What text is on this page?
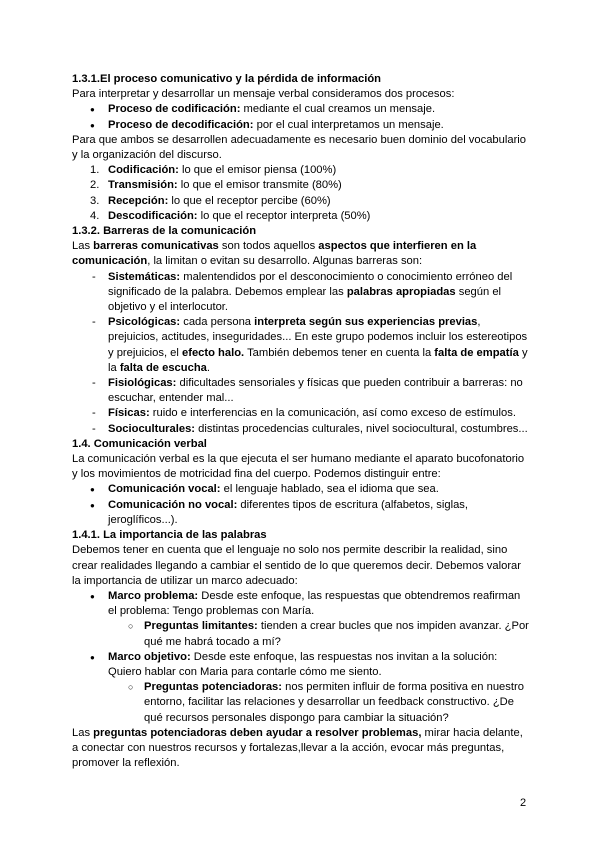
1.3.1.El proceso comunicativo y la pérdida de información

Para interpretar y desarrollar un mensaje verbal consideramos dos procesos:

● Proceso de codificación: mediante el cual creamos un mensaje.
● Proceso de decodificación: por el cual interpretamos un mensaje.

Para que ambos se desarrollen adecuadamente es necesario buen dominio del vocabulario y la organización del discurso.

1. Codificación: lo que el emisor piensa (100%)
2. Transmisión: lo que el emisor transmite (80%)
3. Recepción: lo que el receptor percibe (60%)
4. Descodificación: lo que el receptor interpreta (50%)

1.3.2. Barreras de la comunicación

Las barreras comunicativas son todos aquellos aspectos que interfieren en la comunicación, la limitan o evitan su desarrollo. Algunas barreras son:

- Sistemáticas: malentendidos por el desconocimiento o conocimiento erróneo del significado de la palabra. Debemos emplear las palabras apropiadas según el objetivo y el interlocutor.
- Psicológicas: cada persona interpreta según sus experiencias previas, prejuicios, actitudes, inseguridades... En este grupo podemos incluir los estereotipos y prejuicios, el efecto halo. También debemos tener en cuenta la falta de empatía y la falta de escucha.
- Fisiológicas: dificultades sensoriales y físicas que pueden contribuir a barreras: no escuchar, entender mal...
- Físicas: ruido e interferencias en la comunicación, así como exceso de estímulos.
- Socioculturales: distintas procedencias culturales, nivel sociocultural, costumbres...

1.4. Comunicación verbal

La comunicación verbal es la que ejecuta el ser humano mediante el aparato bucofonatorio y los movimientos de motricidad fina del cuerpo. Podemos distinguir entre:

● Comunicación vocal: el lenguaje hablado, sea el idioma que sea.
● Comunicación no vocal: diferentes tipos de escritura (alfabetos, siglas, jeroglíficos...).

1.4.1. La importancia de las palabras

Debemos tener en cuenta que el lenguaje no solo nos permite describir la realidad, sino crear realidades llegando a cambiar el sentido de lo que queremos decir. Debemos valorar la importancia de utilizar un marco adecuado:

● Marco problema: Desde este enfoque, las respuestas que obtendremos reafirman el problema: Tengo problemas con María.
○ Preguntas limitantes: tienden a crear bucles que nos impiden avanzar. ¿Por qué me habrá tocado a mí?
● Marco objetivo: Desde este enfoque, las respuestas nos invitan a la solución: Quiero hablar con Maria para contarle cómo me siento.
○ Preguntas potenciadoras: nos permiten influir de forma positiva en nuestro entorno, facilitar las relaciones y desarrollar un feedback constructivo. ¿De qué recursos personales dispongo para cambiar la situación?

Las preguntas potenciadoras deben ayudar a resolver problemas, mirar hacia delante, a conectar con nuestros recursos y fortalezas,llevar a la acción, evocar más preguntas, promover la reflexión.

2
